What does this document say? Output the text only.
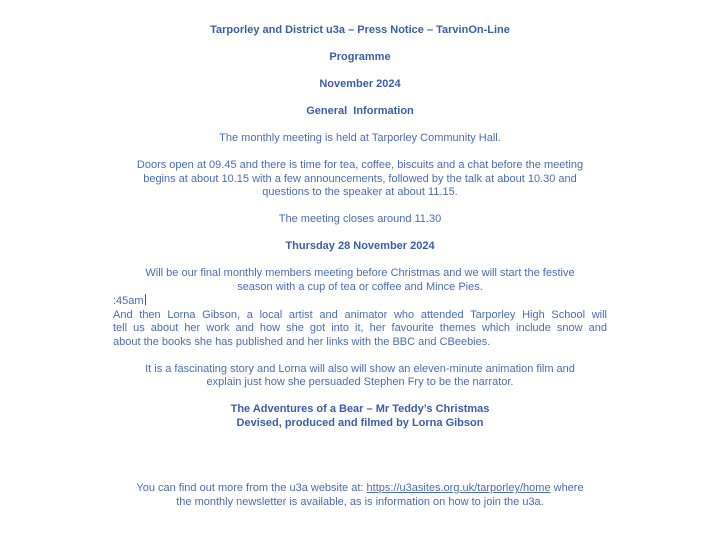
Tarporley and District u3a – Press Notice – TarvinOn-Line
Programme
November 2024
General  Information
The monthly meeting is held at Tarporley Community Hall.
Doors open at 09.45 and there is time for tea, coffee, biscuits and a chat before the meeting
begins at about 10.15 with a few announcements, followed by the talk at about 10.30 and
questions to the speaker at about 11.15.
The meeting closes around 11.30
Thursday 28 November 2024
Will be our final monthly members meeting before Christmas and we will start the festive
season with a cup of tea or coffee and Mince Pies.
:45am
And then Lorna Gibson, a local artist and animator who attended Tarporley High School will
tell us about her work and how she got into it, her favourite themes which include snow and
about the books she has published and her links with the BBC and CBeebies.
It is a fascinating story and Lorna will also will show an eleven-minute animation film and
explain just how she persuaded Stephen Fry to be the narrator.
The Adventures of a Bear – Mr Teddy’s Christmas
Devised, produced and filmed by Lorna Gibson
You can find out more from the u3a website at: https://u3asites.org.uk/tarporley/home where
the monthly newsletter is available, as is information on how to join the u3a.
